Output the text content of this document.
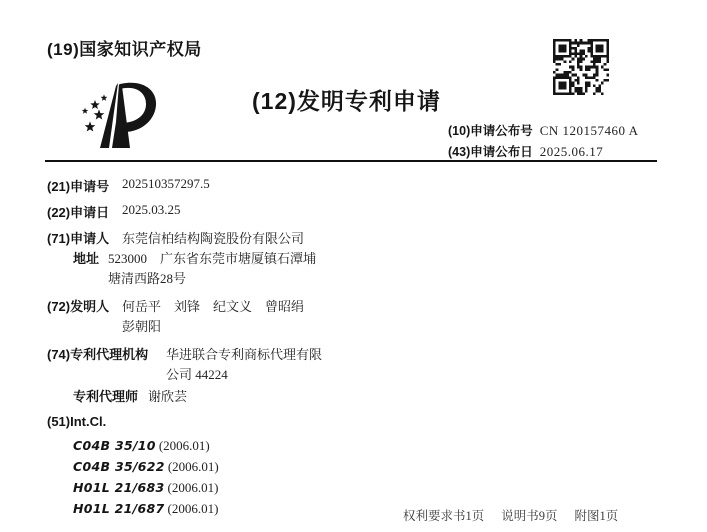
(19)国家知识产权局
(12)发明专利申请
(10)申请公布号 CN 120157460 A
(43)申请公布日 2025.06.17
(21)申请号 202510357297.5
(22)申请日 2025.03.25
(71)申请人 东莞信柏结构陶瓷股份有限公司
地址 523000　广东省东莞市塘厦镇石潭埔
塘清西路28号
(72)发明人 何岳平　刘锋　纪文义　曾昭绢
彭朝阳
(74)专利代理机构 华进联合专利商标代理有限
公司 44224
专利代理师 谢欣芸
(51)Int.Cl.
C04B 35/10 (2006.01)
C04B 35/622 (2006.01)
H01L 21/683 (2006.01)
H01L 21/687 (2006.01)	权利要求书1页 说明书9页 附图1页
